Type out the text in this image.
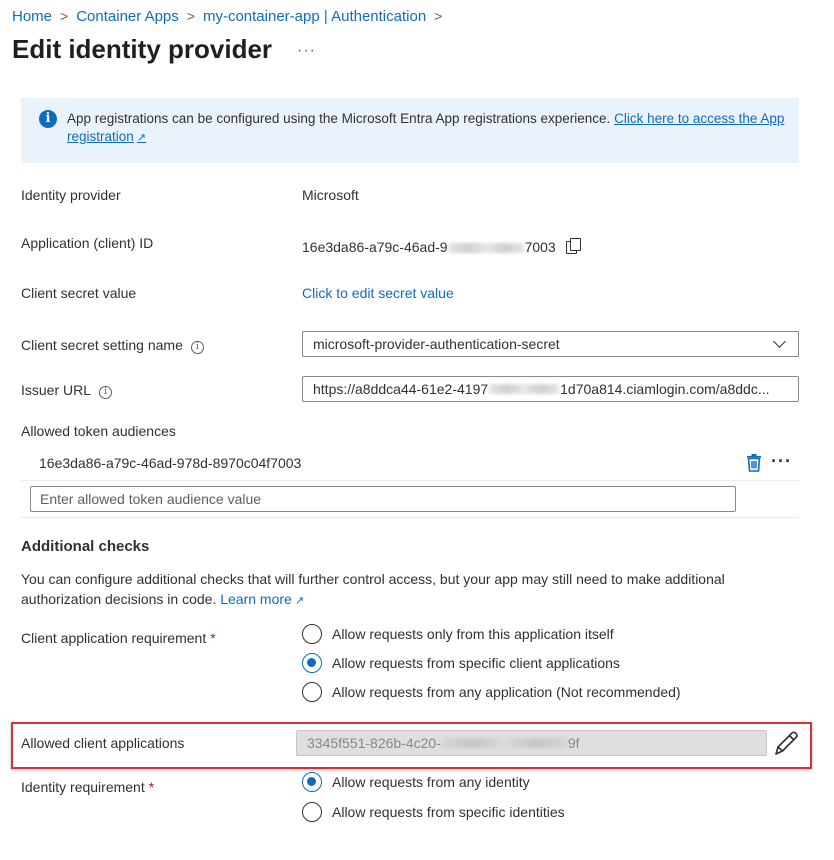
Home > Container Apps > my-container-app | Authentication >
Edit identity provider ···
i	App registrations can be configured using the Microsoft Entra App registrations experience. Click here to access the App registration ↗
Identity provider	Microsoft
Application (client) ID	16e3da86-a79c-46ad-9	7003
Client secret value	Click to edit secret value
Client secret setting name i	microsoft-provider-authentication-secret
Issuer URL i	https://a8ddca44-61e2-4197	1d70a814.ciamlogin.com/a8ddc...
Allowed token audiences
16e3da86-a79c-46ad-978d-8970c04f7003	···
Enter allowed token audience value
Additional checks

You can configure additional checks that will further control access, but your app may still need to make additional authorization decisions in code. Learn more ↗

Client application requirement *	Allow requests only from this application itself
Allow requests from specific client applications
Allow requests from any application (Not recommended)
Allowed client applications	3345f551-826b-4c20-	9f
Identity requirement *	Allow requests from any identity
Allow requests from specific identities
